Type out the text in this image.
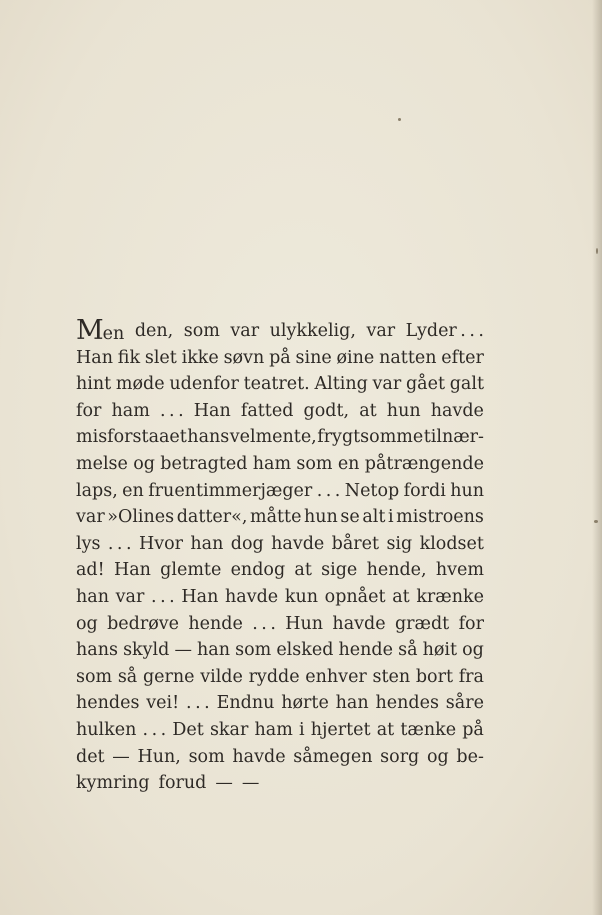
Men den, som var ulykkelig, var Lyder . . .
Han fik slet ikke søvn på sine øine natten efter
hint møde udenfor teatret. Alting var gået galt
for ham . . . Han fatted godt, at hun havde
misforstaaet hans velmente, frygtsomme tilnær-
melse og betragted ham som en påtrængende
laps, en fruentimmerjæger . . . Netop fordi hun
var »Olines datter«, måtte hun se alt i mistroens
lys . . . Hvor han dog havde båret sig klodset
ad! Han glemte endog at sige hende, hvem
han var . . . Han havde kun opnået at krænke
og bedrøve hende . . . Hun havde grædt for
hans skyld — han som elsked hende så høit og
som så gerne vilde rydde enhver sten bort fra
hendes vei! . . . Endnu hørte han hendes såre
hulken . . . Det skar ham i hjertet at tænke på
det — Hun, som havde såmegen sorg og be-
kymring forud — —
